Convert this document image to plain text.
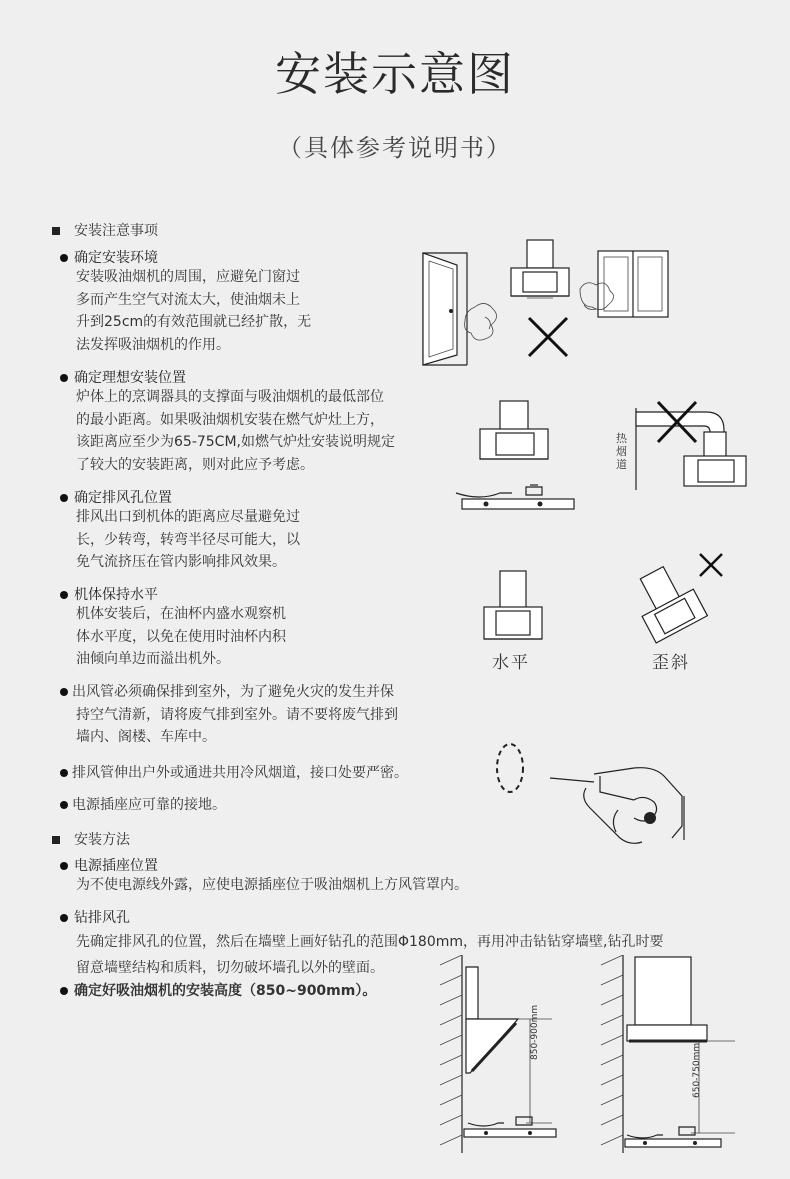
安装示意图
（具体参考说明书）
安装注意事项
确定安装环境
安装吸油烟机的周围，应避免门窗过
多而产生空气对流太大，使油烟未上
升到25cm的有效范围就已经扩散，无
法发挥吸油烟机的作用。
确定理想安装位置
炉体上的烹调器具的支撑面与吸油烟机的最低部位
的最小距离。如果吸油烟机安装在燃气炉灶上方，
该距离应至少为65-75CM,如燃气炉灶安装说明规定
了较大的安装距离，则对此应予考虑。
确定排风孔位置
排风出口到机体的距离应尽量避免过
长，少转弯，转弯半径尽可能大，以
免气流挤压在管内影响排风效果。
机体保持水平
机体安装后，在油杯内盛水观察机
体水平度，以免在使用时油杯内积
油倾向单边而溢出机外。
出风管必须确保排到室外，为了避免火灾的发生并保
持空气清新，请将废气排到室外。请不要将废气排到
墙内、阁楼、车库中。
排风管伸出户外或通进共用冷风烟道，接口处要严密。
电源插座应可靠的接地。
安装方法
电源插座位置
为不使电源线外露，应使电源插座位于吸油烟机上方风管罩内。
钻排风孔
先确定排风孔的位置，然后在墙壁上画好钻孔的范围Φ180mm，再用冲击钻钻穿墙壁,钻孔时要
留意墙壁结构和质料，切勿破坏墙孔以外的壁面。
确定好吸油烟机的安装高度（850~900mm）。
热烟道
水平	歪斜
850-900mm
650-750mm
